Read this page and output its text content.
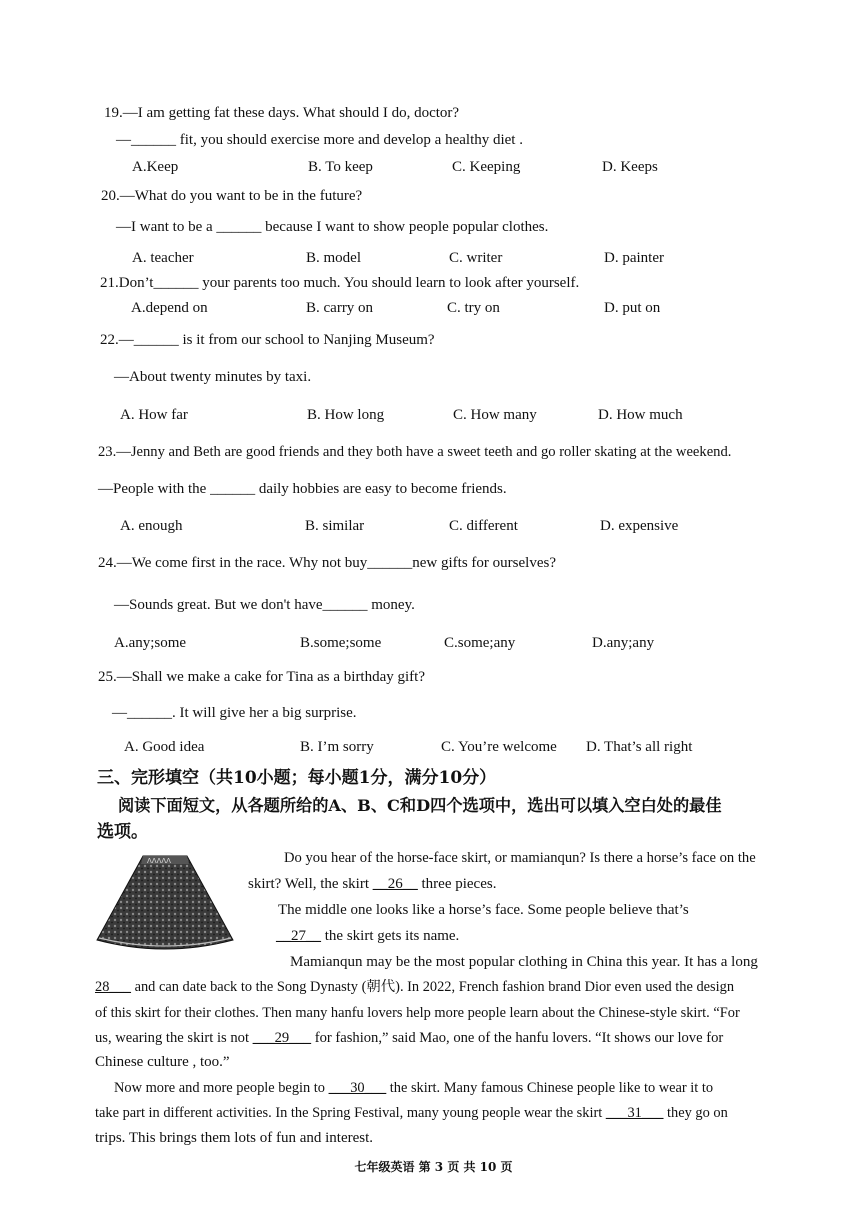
19.—I am getting fat these days. What should I do, doctor?
—______ fit, you should exercise more and develop a healthy diet .
A.Keep	B. To keep	C. Keeping	D. Keeps
20.—What do you want to be in the future?
—I want to be a ______ because I want to show people popular clothes.
A. teacher	B. model	C. writer	D. painter
21.Don’t______ your parents too much. You should learn to look after yourself.
A.depend on	B. carry on	C. try on	D. put on
22.—______ is it from our school to Nanjing Museum?
—About twenty minutes by taxi.
A. How far	B. How long	C. How many	D. How much
23.—Jenny and Beth are good friends and they both have a sweet teeth and go roller skating at the weekend.
—People with the ______ daily hobbies are easy to become friends.
A. enough	B. similar	C. different	D. expensive
24.—We come first in the race. Why not buy______new gifts for ourselves?
—Sounds great. But we don't have______ money.
A.any;some	B.some;some	C.some;any	D.any;any
25.—Shall we make a cake for Tina as a birthday gift?
—______. It will give her a big surprise.
A. Good idea	B. I’m sorry	C. You’re welcome D. That’s all right
三、完形填空（共10小题；每小题1分，满分10分）
阅读下面短文，从各题所给的A、B、C和D四个选项中，选出可以填入空白处的最佳
选项。
ᐱᐱᐱᐱᐱ	Do you hear of the horse-face skirt, or mamianqun? Is there a horse’s face on the
skirt? Well, the skirt __26__ three pieces.
The middle one looks like a horse’s face. Some people believe that’s
__27__ the skirt gets its name.
Mamianqun may be the most popular clothing in China this year. It has a long
28___ and can date back to the Song Dynasty (朝代). In 2022, French fashion brand Dior even used the design
of this skirt for their clothes. Then many hanfu lovers help more people learn about the Chinese-style skirt. “For
us, wearing the skirt is not ___29___ for fashion,” said Mao, one of the hanfu lovers. “It shows our love for
Chinese culture , too.”
Now more and more people begin to ___30___ the skirt. Many famous Chinese people like to wear it to
take part in different activities. In the Spring Festival, many young people wear the skirt ___31___ they go on
trips. This brings them lots of fun and interest.
七年级英语 第 3 页 共 10 页
